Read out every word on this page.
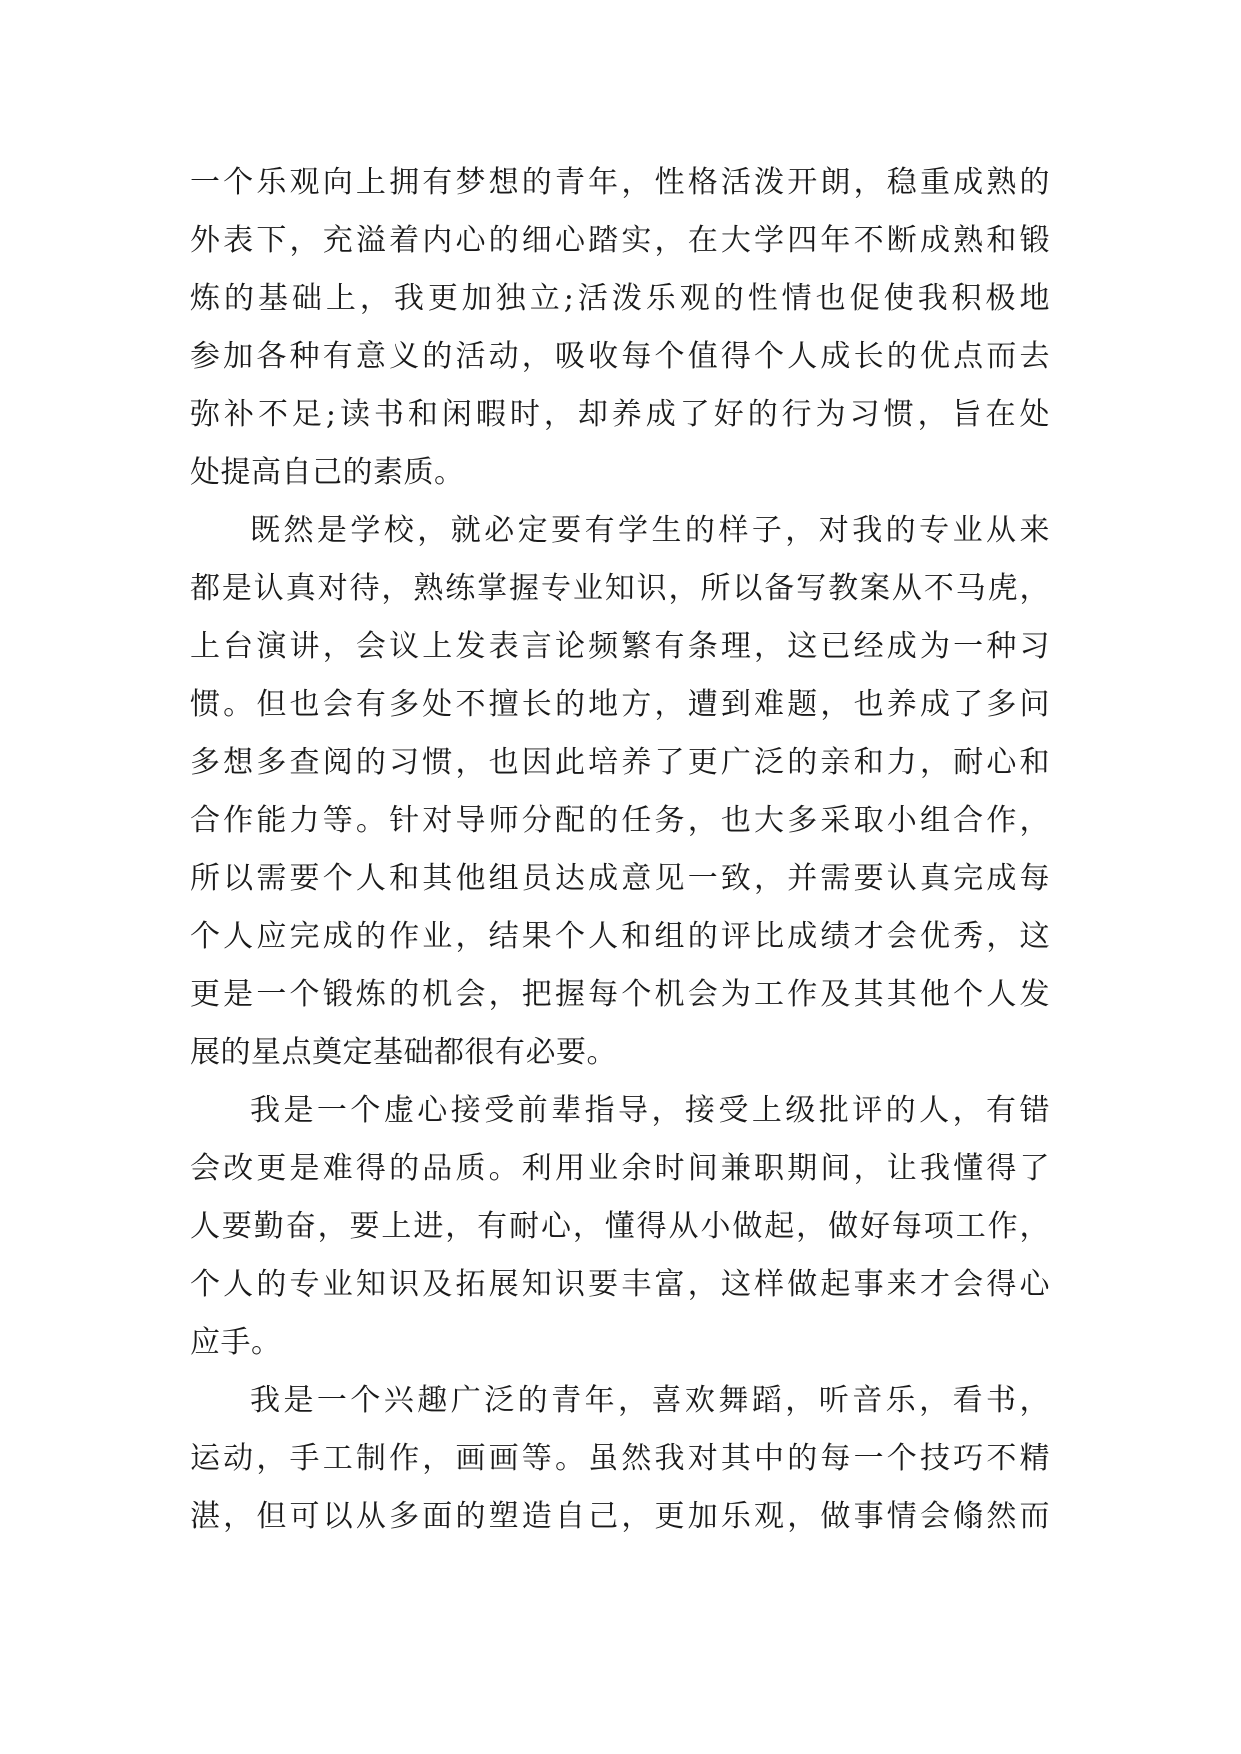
一个乐观向上拥有梦想的青年，性格活泼开朗，稳重成熟的
外表下，充溢着内心的细心踏实，在大学四年不断成熟和锻
炼的基础上，我更加独立;活泼乐观的性情也促使我积极地
参加各种有意义的活动，吸收每个值得个人成长的优点而去
弥补不足;读书和闲暇时，却养成了好的行为习惯，旨在处
处提高自己的素质。
既然是学校，就必定要有学生的样子，对我的专业从来
都是认真对待，熟练掌握专业知识，所以备写教案从不马虎，
上台演讲，会议上发表言论频繁有条理，这已经成为一种习
惯。但也会有多处不擅长的地方，遭到难题，也养成了多问
多想多查阅的习惯，也因此培养了更广泛的亲和力，耐心和
合作能力等。针对导师分配的任务，也大多采取小组合作，
所以需要个人和其他组员达成意见一致，并需要认真完成每
个人应完成的作业，结果个人和组的评比成绩才会优秀，这
更是一个锻炼的机会，把握每个机会为工作及其其他个人发
展的星点奠定基础都很有必要。
我是一个虚心接受前辈指导，接受上级批评的人，有错
会改更是难得的品质。利用业余时间兼职期间，让我懂得了
人要勤奋，要上进，有耐心，懂得从小做起，做好每项工作，
个人的专业知识及拓展知识要丰富，这样做起事来才会得心
应手。
我是一个兴趣广泛的青年，喜欢舞蹈，听音乐，看书，
运动，手工制作，画画等。虽然我对其中的每一个技巧不精
湛，但可以从多面的塑造自己，更加乐观，做事情会翛然而
